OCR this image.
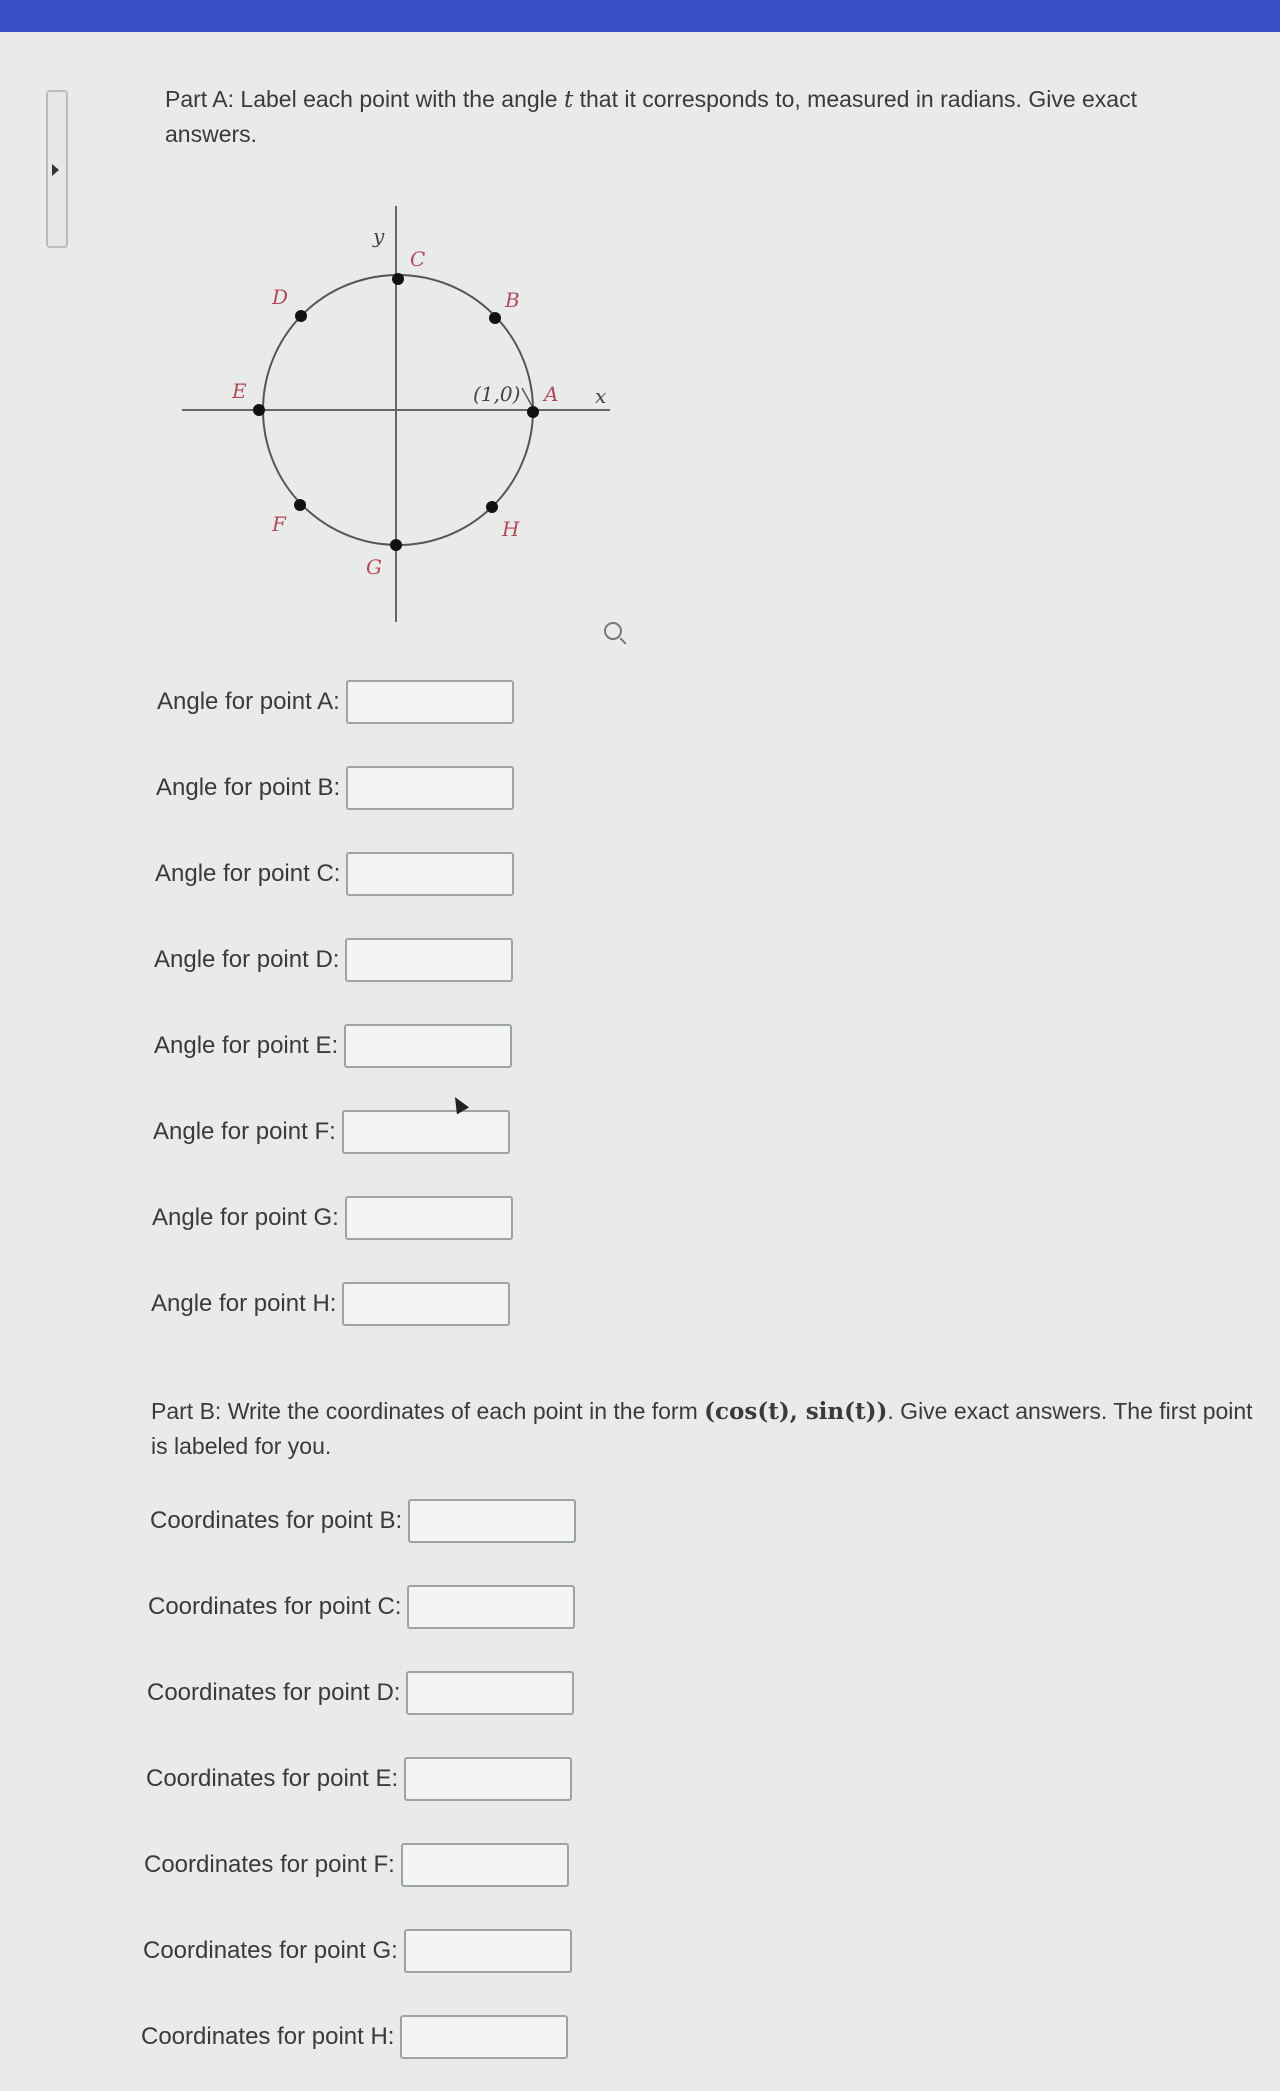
Part A: Label each point with the angle t that it corresponds to, measured in radians. Give exact answers.
y
x
(1,0) A
B
C
D
E
F
G
H
Angle for point A:
Angle for point B:
Angle for point C:
Angle for point D:
Angle for point E:
Angle for point F:
Angle for point G:
Angle for point H:
Part B: Write the coordinates of each point in the form (cos(t), sin(t)). Give exact answers. The first point is labeled for you.
Coordinates for point B:
Coordinates for point C:
Coordinates for point D:
Coordinates for point E:
Coordinates for point F:
Coordinates for point G:
Coordinates for point H:
